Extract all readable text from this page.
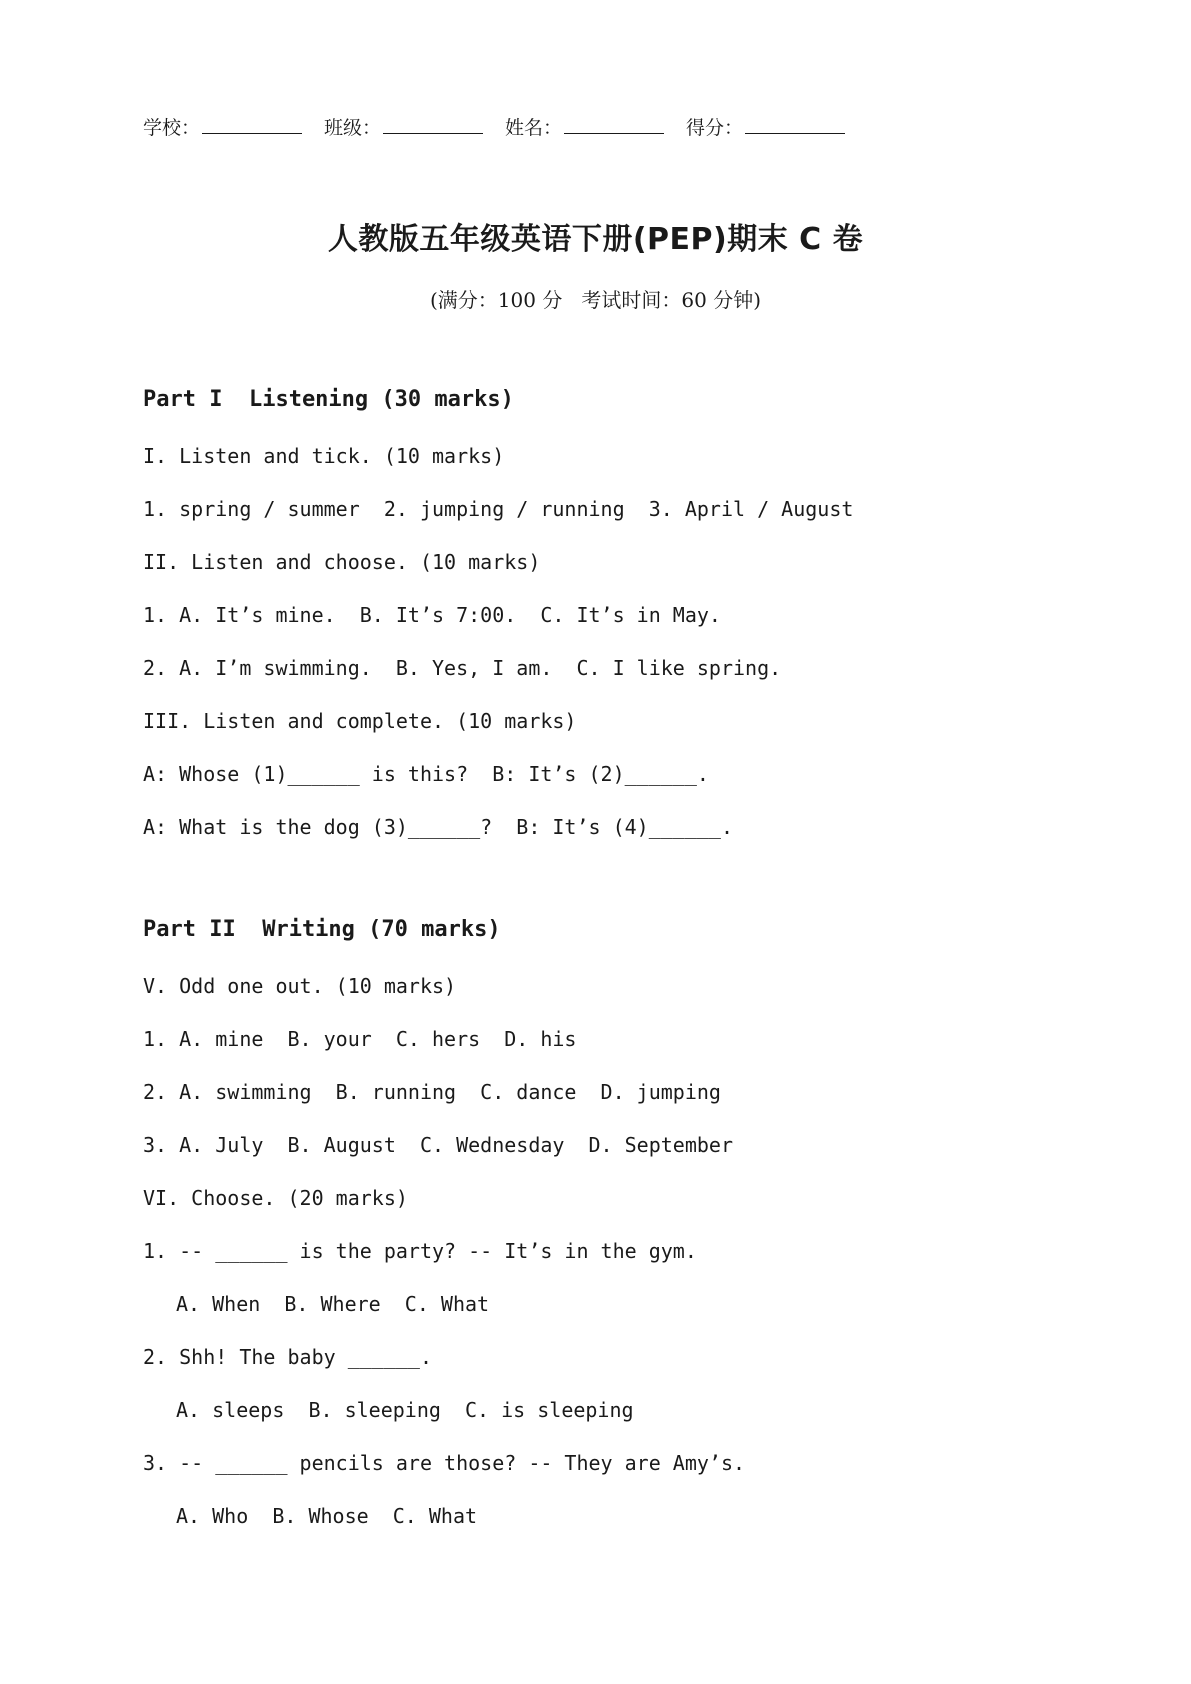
学校：	班级：	姓名：	得分：
人教版五年级英语下册(PEP)期末 C 卷
(满分：100 分   考试时间：60 分钟)
Part I  Listening (30 marks)
I. Listen and tick. (10 marks)
1. spring / summer  2. jumping / running  3. April / August
II. Listen and choose. (10 marks)
1. A. It’s mine.  B. It’s 7:00.  C. It’s in May.
2. A. I’m swimming.  B. Yes, I am.  C. I like spring.
III. Listen and complete. (10 marks)
A: Whose (1)______ is this?  B: It’s (2)______.
A: What is the dog (3)______?  B: It’s (4)______.
Part II  Writing (70 marks)
V. Odd one out. (10 marks)
1. A. mine  B. your  C. hers  D. his
2. A. swimming  B. running  C. dance  D. jumping
3. A. July  B. August  C. Wednesday  D. September
VI. Choose. (20 marks)
1. -- ______ is the party? -- It’s in the gym.
A. When  B. Where  C. What
2. Shh! The baby ______.
A. sleeps  B. sleeping  C. is sleeping
3. -- ______ pencils are those? -- They are Amy’s.
A. Who  B. Whose  C. What
